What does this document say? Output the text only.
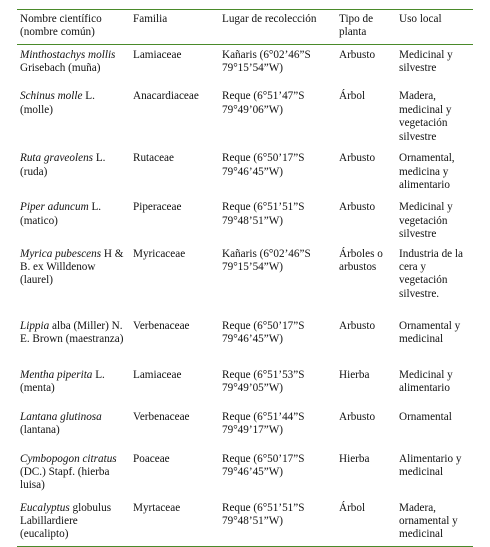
Nombre científico (nombre común)	Familia	Lugar de recolección	Tipo de planta	Uso local
Minthostachys mollis Grisebach (muña)	Lamiaceae	Kañaris (6°02’46”S 79°15’54”W)	Arbusto	Medicinal y silvestre
Schinus molle L. (molle)	Anacardiaceae	Reque (6°51’47”S 79°49’06”W)	Árbol	Madera, medicinal y vegetación silvestre
Ruta graveolens L. (ruda)	Rutaceae	Reque (6°50’17”S 79°46’45”W)	Arbusto	Ornamental, medicina y alimentario
Piper aduncum L. (matico)	Piperaceae	Reque (6°51’51”S 79°48’51”W)	Arbusto	Medicinal y vegetación silvestre
Myrica pubescens H & B. ex Willdenow (laurel)	Myricaceae	Kañaris (6°02’46”S 79°15’54”W)	Árboles o arbustos	Industria de la cera y vegetación silvestre.
Lippia alba (Miller) N. E. Brown (maestranza)	Verbenaceae	Reque (6°50’17”S 79°46’45”W)	Arbusto	Ornamental y medicinal
Mentha piperita L. (menta)	Lamiaceae	Reque (6°51’53”S 79°49’05”W)	Hierba	Medicinal y alimentario
Lantana glutinosa (lantana)	Verbenaceae	Reque (6°51’44”S 79°49’17”W)	Arbusto	Ornamental
Cymbopogon citratus (DC.) Stapf. (hierba luisa)	Poaceae	Reque (6°50’17”S 79°46’45”W)	Hierba	Alimentario y medicinal
Eucalyptus globulus Labillardiere (eucalipto)	Myrtaceae	Reque (6°51’51”S 79°48’51”W)	Árbol	Madera, ornamental y medicinal
